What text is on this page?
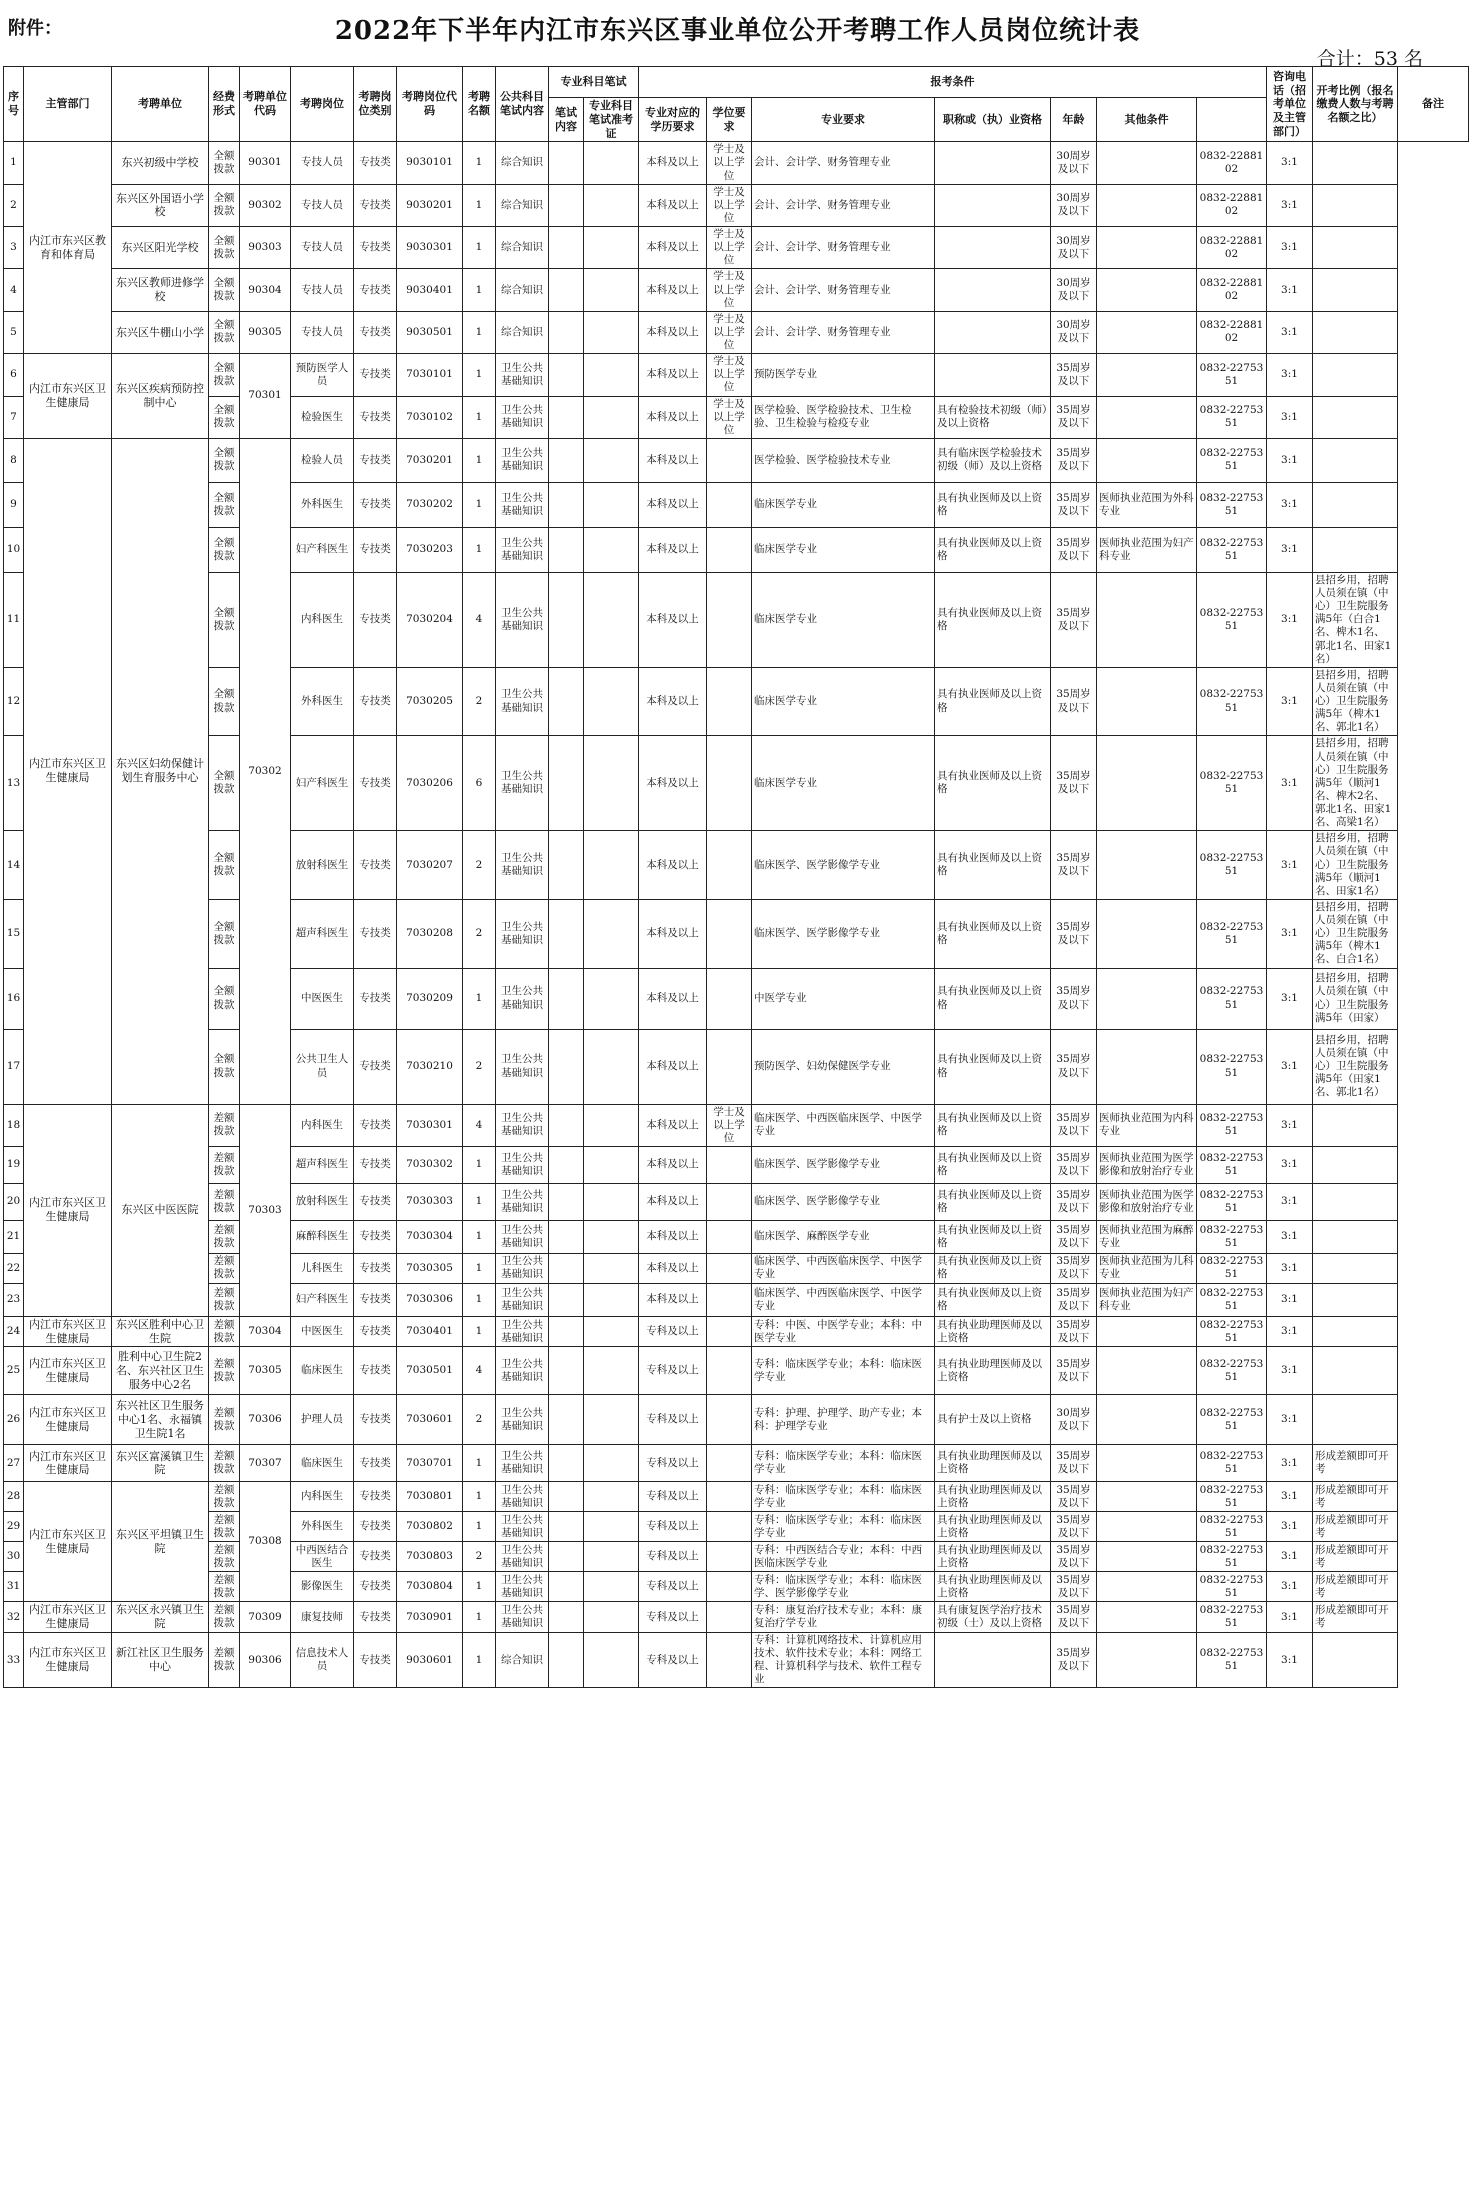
附件：	2022年下半年内江市东兴区事业单位公开考聘工作人员岗位统计表
合计：53 名
序号	主管部门	考聘单位	经费形式	考聘单位代码	考聘岗位	考聘岗位类别	考聘岗位代码	考聘名额	公共科目笔试内容	专业科目笔试		报考条件							咨询电话（招考单位及主管部门）	开考比例（报名缴费人数与考聘名额之比）	备注
										笔试内容	专业科目笔试准考证	专业对应的学历要求	学位要求	专业要求	职称或（执）业资格	年龄	其他条件				
1	内江市东兴区教育和体育局	东兴初级中学校	全额拨款	90301	专技人员	专技类	9030101	1	综合知识			本科及以上	学士及以上学位	会计、会计学、财务管理专业		30周岁及以下		0832-2288102	3:1		
2		东兴区外国语小学校	全额拨款	90302	专技人员	专技类	9030201	1	综合知识			本科及以上	学士及以上学位	会计、会计学、财务管理专业		30周岁及以下		0832-2288102	3:1		
3		东兴区阳光学校	全额拨款	90303	专技人员	专技类	9030301	1	综合知识			本科及以上	学士及以上学位	会计、会计学、财务管理专业		30周岁及以下		0832-2288102	3:1		
4		东兴区教师进修学校	全额拨款	90304	专技人员	专技类	9030401	1	综合知识			本科及以上	学士及以上学位	会计、会计学、财务管理专业		30周岁及以下		0832-2288102	3:1		
5		东兴区牛棚山小学	全额拨款	90305	专技人员	专技类	9030501	1	综合知识			本科及以上	学士及以上学位	会计、会计学、财务管理专业		30周岁及以下		0832-2288102	3:1		
6	内江市东兴区卫生健康局	东兴区疾病预防控制中心	全额拨款	70301	预防医学人员	专技类	7030101	1	卫生公共基础知识			本科及以上	学士及以上学位	预防医学专业		35周岁及以下		0832-2275351	3:1		
7			全额拨款		检验医生	专技类	7030102	1	卫生公共基础知识			本科及以上	学士及以上学位	医学检验、医学检验技术、卫生检验、卫生检验与检疫专业	具有检验技术初级（师）及以上资格	35周岁及以下		0832-2275351	3:1		
8	内江市东兴区卫生健康局	东兴区妇幼保健计划生育服务中心	全额拨款	70302	检验人员	专技类	7030201	1	卫生公共基础知识			本科及以上		医学检验、医学检验技术专业	具有临床医学检验技术初级（师）及以上资格	35周岁及以下		0832-2275351	3:1		
9			全额拨款		外科医生	专技类	7030202	1	卫生公共基础知识			本科及以上		临床医学专业	具有执业医师及以上资格	35周岁及以下	医师执业范围为外科专业	0832-2275351	3:1		
10			全额拨款		妇产科医生	专技类	7030203	1	卫生公共基础知识			本科及以上		临床医学专业	具有执业医师及以上资格	35周岁及以下	医师执业范围为妇产科专业	0832-2275351	3:1		
11			全额拨款		内科医生	专技类	7030204	4	卫生公共基础知识			本科及以上		临床医学专业	具有执业医师及以上资格	35周岁及以下		0832-2275351	3:1	县招乡用，招聘人员须在镇（中心）卫生院服务满5年（白合1名、椑木1名、郭北1名、田家1名）	
12			全额拨款		外科医生	专技类	7030205	2	卫生公共基础知识			本科及以上		临床医学专业	具有执业医师及以上资格	35周岁及以下		0832-2275351	3:1	县招乡用，招聘人员须在镇（中心）卫生院服务满5年（椑木1名、郭北1名）	
13			全额拨款		妇产科医生	专技类	7030206	6	卫生公共基础知识			本科及以上		临床医学专业	具有执业医师及以上资格	35周岁及以下		0832-2275351	3:1	县招乡用，招聘人员须在镇（中心）卫生院服务满5年（顺河1名、椑木2名、郭北1名、田家1名、高梁1名）	
14			全额拨款		放射科医生	专技类	7030207	2	卫生公共基础知识			本科及以上		临床医学、医学影像学专业	具有执业医师及以上资格	35周岁及以下		0832-2275351	3:1	县招乡用，招聘人员须在镇（中心）卫生院服务满5年（顺河1名、田家1名）	
15			全额拨款		超声科医生	专技类	7030208	2	卫生公共基础知识			本科及以上		临床医学、医学影像学专业	具有执业医师及以上资格	35周岁及以下		0832-2275351	3:1	县招乡用，招聘人员须在镇（中心）卫生院服务满5年（椑木1名、白合1名）	
16			全额拨款		中医医生	专技类	7030209	1	卫生公共基础知识			本科及以上		中医学专业	具有执业医师及以上资格	35周岁及以下		0832-2275351	3:1	县招乡用，招聘人员须在镇（中心）卫生院服务满5年（田家）	
17			全额拨款		公共卫生人员	专技类	7030210	2	卫生公共基础知识			本科及以上		预防医学、妇幼保健医学专业	具有执业医师及以上资格	35周岁及以下		0832-2275351	3:1	县招乡用，招聘人员须在镇（中心）卫生院服务满5年（田家1名、郭北1名）	
18	内江市东兴区卫生健康局	东兴区中医医院	差额拨款	70303	内科医生	专技类	7030301	4	卫生公共基础知识			本科及以上	学士及以上学位	临床医学、中西医临床医学、中医学专业	具有执业医师及以上资格	35周岁及以下	医师执业范围为内科专业	0832-2275351	3:1		
19			差额拨款		超声科医生	专技类	7030302	1	卫生公共基础知识			本科及以上		临床医学、医学影像学专业	具有执业医师及以上资格	35周岁及以下	医师执业范围为医学影像和放射治疗专业	0832-2275351	3:1		
20			差额拨款		放射科医生	专技类	7030303	1	卫生公共基础知识			本科及以上		临床医学、医学影像学专业	具有执业医师及以上资格	35周岁及以下	医师执业范围为医学影像和放射治疗专业	0832-2275351	3:1		
21			差额拨款		麻醉科医生	专技类	7030304	1	卫生公共基础知识			本科及以上		临床医学、麻醉医学专业	具有执业医师及以上资格	35周岁及以下	医师执业范围为麻醉专业	0832-2275351	3:1		
22			差额拨款		儿科医生	专技类	7030305	1	卫生公共基础知识			本科及以上		临床医学、中西医临床医学、中医学专业	具有执业医师及以上资格	35周岁及以下	医师执业范围为儿科专业	0832-2275351	3:1		
23			差额拨款		妇产科医生	专技类	7030306	1	卫生公共基础知识			本科及以上		临床医学、中西医临床医学、中医学专业	具有执业医师及以上资格	35周岁及以下	医师执业范围为妇产科专业	0832-2275351	3:1		
24	内江市东兴区卫生健康局	东兴区胜利中心卫生院	差额拨款	70304	中医医生	专技类	7030401	1	卫生公共基础知识			专科及以上		专科：中医、中医学专业；本科：中医学专业	具有执业助理医师及以上资格	35周岁及以下		0832-2275351	3:1		
25	内江市东兴区卫生健康局	胜利中心卫生院2名、东兴社区卫生服务中心2名	差额拨款	70305	临床医生	专技类	7030501	4	卫生公共基础知识			专科及以上		专科：临床医学专业；本科：临床医学专业	具有执业助理医师及以上资格	35周岁及以下		0832-2275351	3:1		
26	内江市东兴区卫生健康局	东兴社区卫生服务中心1名、永福镇卫生院1名	差额拨款	70306	护理人员	专技类	7030601	2	卫生公共基础知识			专科及以上		专科：护理、护理学、助产专业；本科：护理学专业	具有护士及以上资格	30周岁及以下		0832-2275351	3:1		
27	内江市东兴区卫生健康局	东兴区富溪镇卫生院	差额拨款	70307	临床医生	专技类	7030701	1	卫生公共基础知识			专科及以上		专科：临床医学专业；本科：临床医学专业	具有执业助理医师及以上资格	35周岁及以下		0832-2275351	3:1	形成差额即可开考	
28	内江市东兴区卫生健康局	东兴区平坦镇卫生院	差额拨款	70308	内科医生	专技类	7030801	1	卫生公共基础知识			专科及以上		专科：临床医学专业；本科：临床医学专业	具有执业助理医师及以上资格	35周岁及以下		0832-2275351	3:1	形成差额即可开考	
29			差额拨款		外科医生	专技类	7030802	1	卫生公共基础知识			专科及以上		专科：临床医学专业；本科：临床医学专业	具有执业助理医师及以上资格	35周岁及以下		0832-2275351	3:1	形成差额即可开考	
30			差额拨款		中西医结合医生	专技类	7030803	2	卫生公共基础知识			专科及以上		专科：中西医结合专业；本科：中西医临床医学专业	具有执业助理医师及以上资格	35周岁及以下		0832-2275351	3:1	形成差额即可开考	
31			差额拨款		影像医生	专技类	7030804	1	卫生公共基础知识			专科及以上		专科：临床医学专业；本科：临床医学、医学影像学专业	具有执业助理医师及以上资格	35周岁及以下		0832-2275351	3:1	形成差额即可开考	
32	内江市东兴区卫生健康局	东兴区永兴镇卫生院	差额拨款	70309	康复技师	专技类	7030901	1	卫生公共基础知识			专科及以上		专科：康复治疗技术专业；本科：康复治疗学专业	具有康复医学治疗技术初级（士）及以上资格	35周岁及以下		0832-2275351	3:1	形成差额即可开考	
33	内江市东兴区卫生健康局	新江社区卫生服务中心	差额拨款	90306	信息技术人员	专技类	9030601	1	综合知识			专科及以上		专科：计算机网络技术、计算机应用技术、软件技术专业；本科：网络工程、计算机科学与技术、软件工程专业		35周岁及以下		0832-2275351	3:1		
